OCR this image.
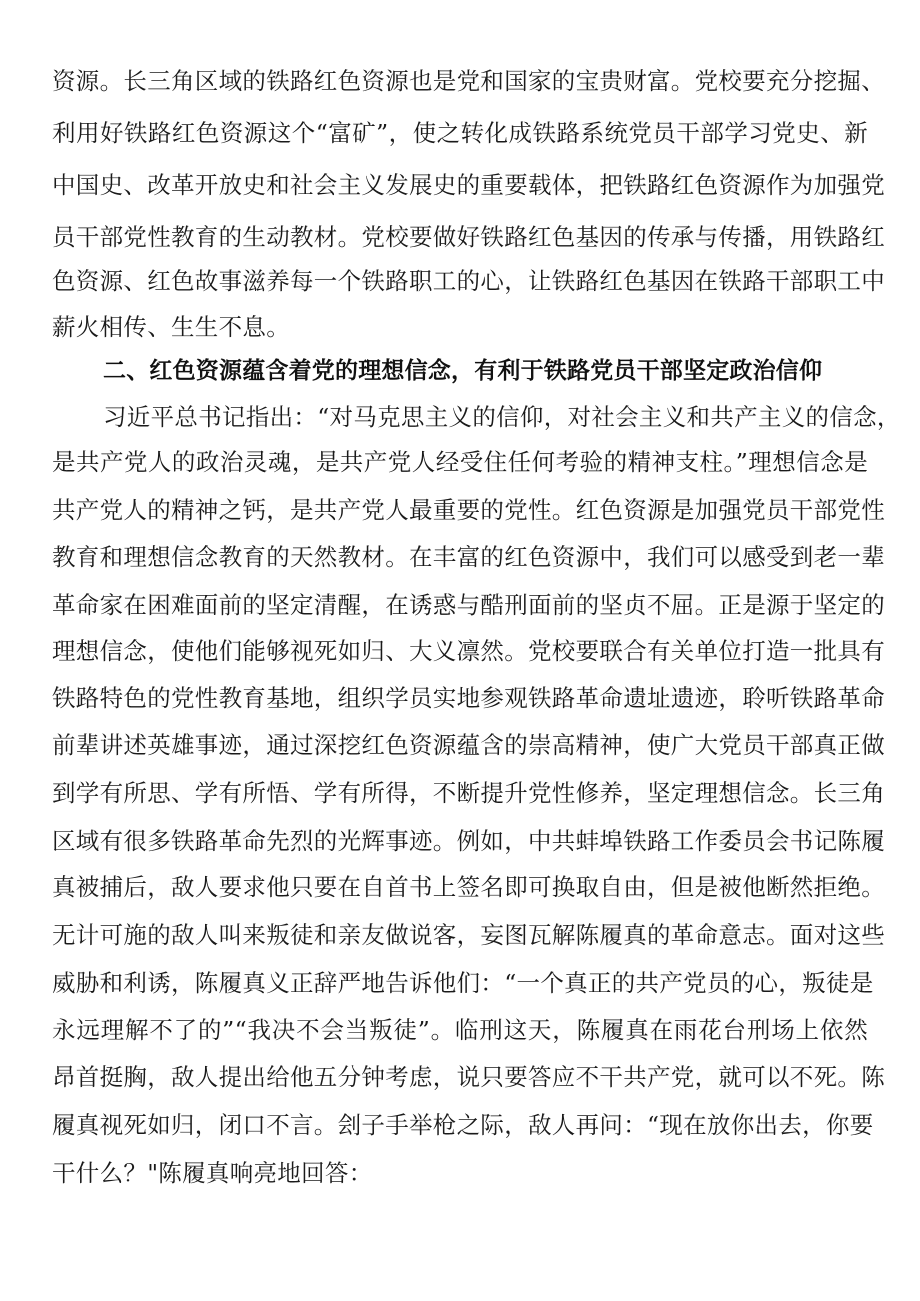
资源。长三角区域的铁路红色资源也是党和国家的宝贵财富。党校要充分挖掘、
利用好铁路红色资源这个“富矿”，使之转化成铁路系统党员干部学习党史、新
中国史、改革开放史和社会主义发展史的重要载体，把铁路红色资源作为加强党
员干部党性教育的生动教材。党校要做好铁路红色基因的传承与传播，用铁路红
色资源、红色故事滋养每一个铁路职工的心，让铁路红色基因在铁路干部职工中
薪火相传、生生不息。
二、红色资源蕴含着党的理想信念，有利于铁路党员干部坚定政治信仰
习近平总书记指出：“对马克思主义的信仰，对社会主义和共产主义的信念，
是共产党人的政治灵魂，是共产党人经受住任何考验的精神支柱。”理想信念是
共产党人的精神之钙，是共产党人最重要的党性。红色资源是加强党员干部党性
教育和理想信念教育的天然教材。在丰富的红色资源中，我们可以感受到老一辈
革命家在困难面前的坚定清醒，在诱惑与酷刑面前的坚贞不屈。正是源于坚定的
理想信念，使他们能够视死如归、大义凛然。党校要联合有关单位打造一批具有
铁路特色的党性教育基地，组织学员实地参观铁路革命遗址遗迹，聆听铁路革命
前辈讲述英雄事迹，通过深挖红色资源蕴含的崇高精神，使广大党员干部真正做
到学有所思、学有所悟、学有所得，不断提升党性修养，坚定理想信念。长三角
区域有很多铁路革命先烈的光辉事迹。例如，中共蚌埠铁路工作委员会书记陈履
真被捕后，敌人要求他只要在自首书上签名即可换取自由，但是被他断然拒绝。
无计可施的敌人叫来叛徒和亲友做说客，妄图瓦解陈履真的革命意志。面对这些
威胁和利诱，陈履真义正辞严地告诉他们：“一个真正的共产党员的心，叛徒是
永远理解不了的”“我决不会当叛徒”。临刑这天，陈履真在雨花台刑场上依然
昂首挺胸，敌人提出给他五分钟考虑，说只要答应不干共产党，就可以不死。陈
履真视死如归，闭口不言。刽子手举枪之际，敌人再问：“现在放你出去，你要
干什么？"陈履真响亮地回答：
